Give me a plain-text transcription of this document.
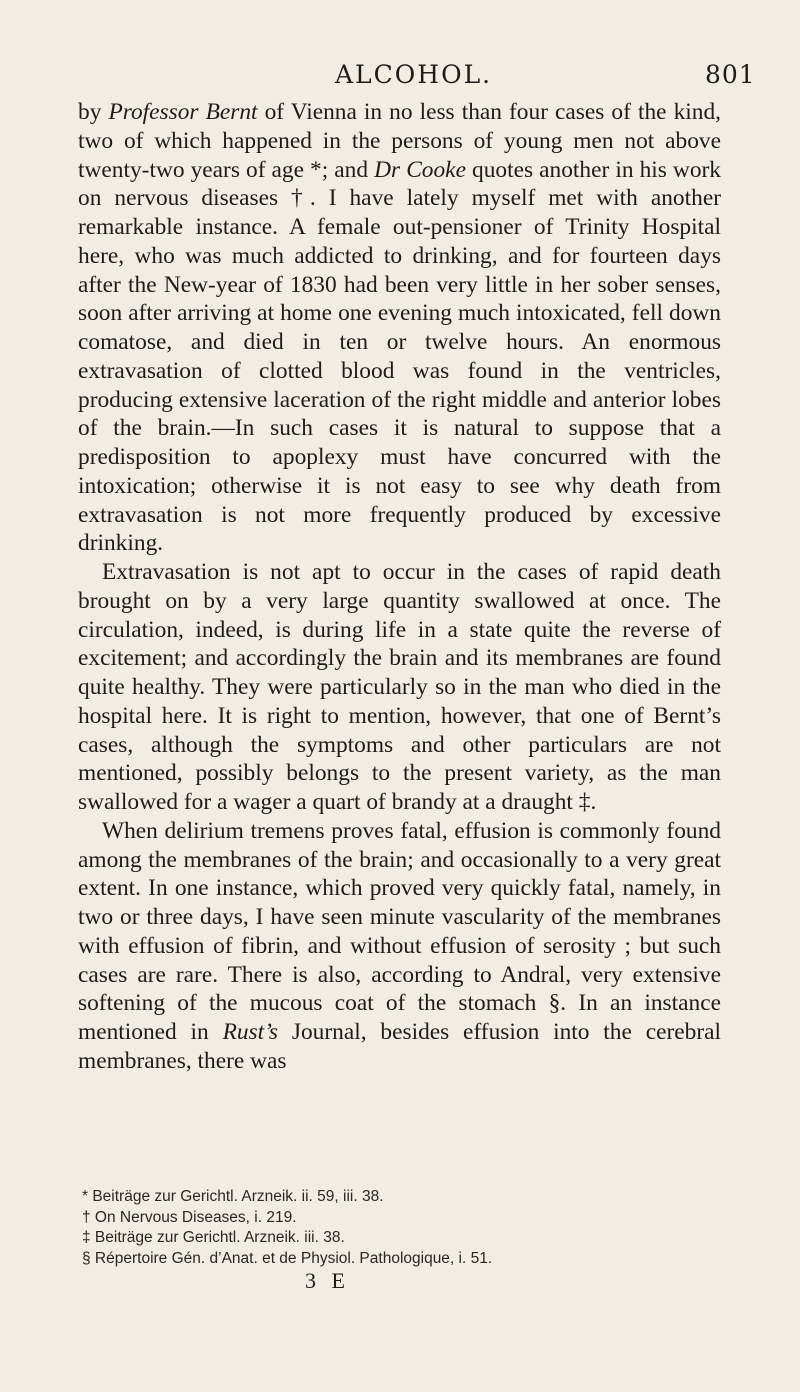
ALCOHOL.	801

by Professor Bernt of Vienna in no less than four cases of the kind, two of which happened in the persons of young men not above twenty-two years of age *; and Dr Cooke quotes another in his work on nervous diseases †. I have lately myself met with another remarkable instance. A female out-pensioner of Trinity Hospital here, who was much addicted to drinking, and for fourteen days after the New-year of 1830 had been very little in her sober senses, soon after arriving at home one evening much intoxicated, fell down comatose, and died in ten or twelve hours. An enormous extravasation of clotted blood was found in the ventricles, producing extensive laceration of the right middle and anterior lobes of the brain.—In such cases it is natural to suppose that a predisposition to apoplexy must have concurred with the intoxication; otherwise it is not easy to see why death from extravasation is not more frequently produced by excessive drinking.

Extravasation is not apt to occur in the cases of rapid death brought on by a very large quantity swallowed at once. The circulation, indeed, is during life in a state quite the reverse of excitement; and accordingly the brain and its membranes are found quite healthy. They were particularly so in the man who died in the hospital here. It is right to mention, however, that one of Bernt’s cases, although the symptoms and other particulars are not mentioned, possibly belongs to the present variety, as the man swallowed for a wager a quart of brandy at a draught ‡.

When delirium tremens proves fatal, effusion is commonly found among the membranes of the brain; and occasionally to a very great extent. In one instance, which proved very quickly fatal, namely, in two or three days, I have seen minute vascularity of the membranes with effusion of fibrin, and without effusion of serosity ; but such cases are rare. There is also, according to Andral, very extensive softening of the mucous coat of the stomach §. In an instance mentioned in Rust’s Journal, besides effusion into the cerebral membranes, there was

* Beiträge zur Gerichtl. Arzneik. ii. 59, iii. 38.
† On Nervous Diseases, i. 219.
‡ Beiträge zur Gerichtl. Arzneik. iii. 38.
§ Répertoire Gén. d’Anat. et de Physiol. Pathologique, i. 51.
3 E
